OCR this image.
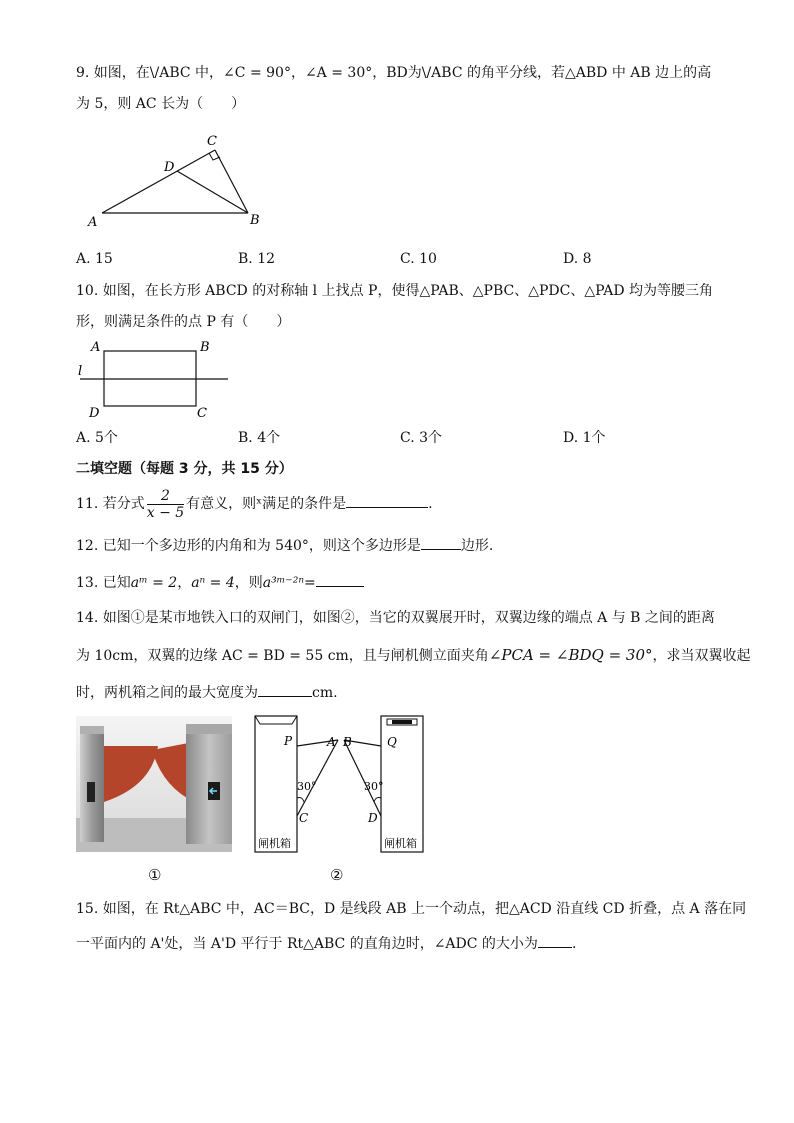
9. 如图，在\/ABC 中，∠C = 90°，∠A = 30°，BD为\/ABC 的角平分线，若△ABD 中 AB 边上的高
为 5，则 AC 长为（　　）
A	B
C
D
A. 15	B. 12	C. 10	D. 8
10. 如图，在长方形 ABCD 的对称轴 l 上找点 P，使得△PAB、△PBC、△PDC、△PAD 均为等腰三角
形，则满足条件的点 P 有（　　）
A	B
C
D
l
A. 5个	B. 4个	C. 3个	D. 1个
二填空题（每题 3 分，共 15 分）
11. 若分式 $\frac{2}{x - 5}$ 有意义，则ˣ满足的条件是	.
12. 已知一个多边形的内角和为 540°，则这个多边形是	边形.
13. 已知aᵐ = 2，aⁿ = 4，则a³ᵐ⁻²ⁿ=
14. 如图①是某市地铁入口的双闸门，如图②，当它的双翼展开时，双翼边缘的端点 A 与 B 之间的距离
为 10cm，双翼的边缘 AC = BD = 55 cm，且与闸机侧立面夹角∠PCA = ∠BDQ = 30°，求当双翼收起
时，两机箱之间的最大宽度为	cm.
P	A B	Q
C	D
30°	30°
闸机箱	闸机箱
①	②
15. 如图，在 Rt△ABC 中，AC＝BC，D 是线段 AB 上一个动点，把△ACD 沿直线 CD 折叠，点 A 落在同
一平面内的 A'处，当 A'D 平行于 Rt△ABC 的直角边时，∠ADC 的大小为 .
